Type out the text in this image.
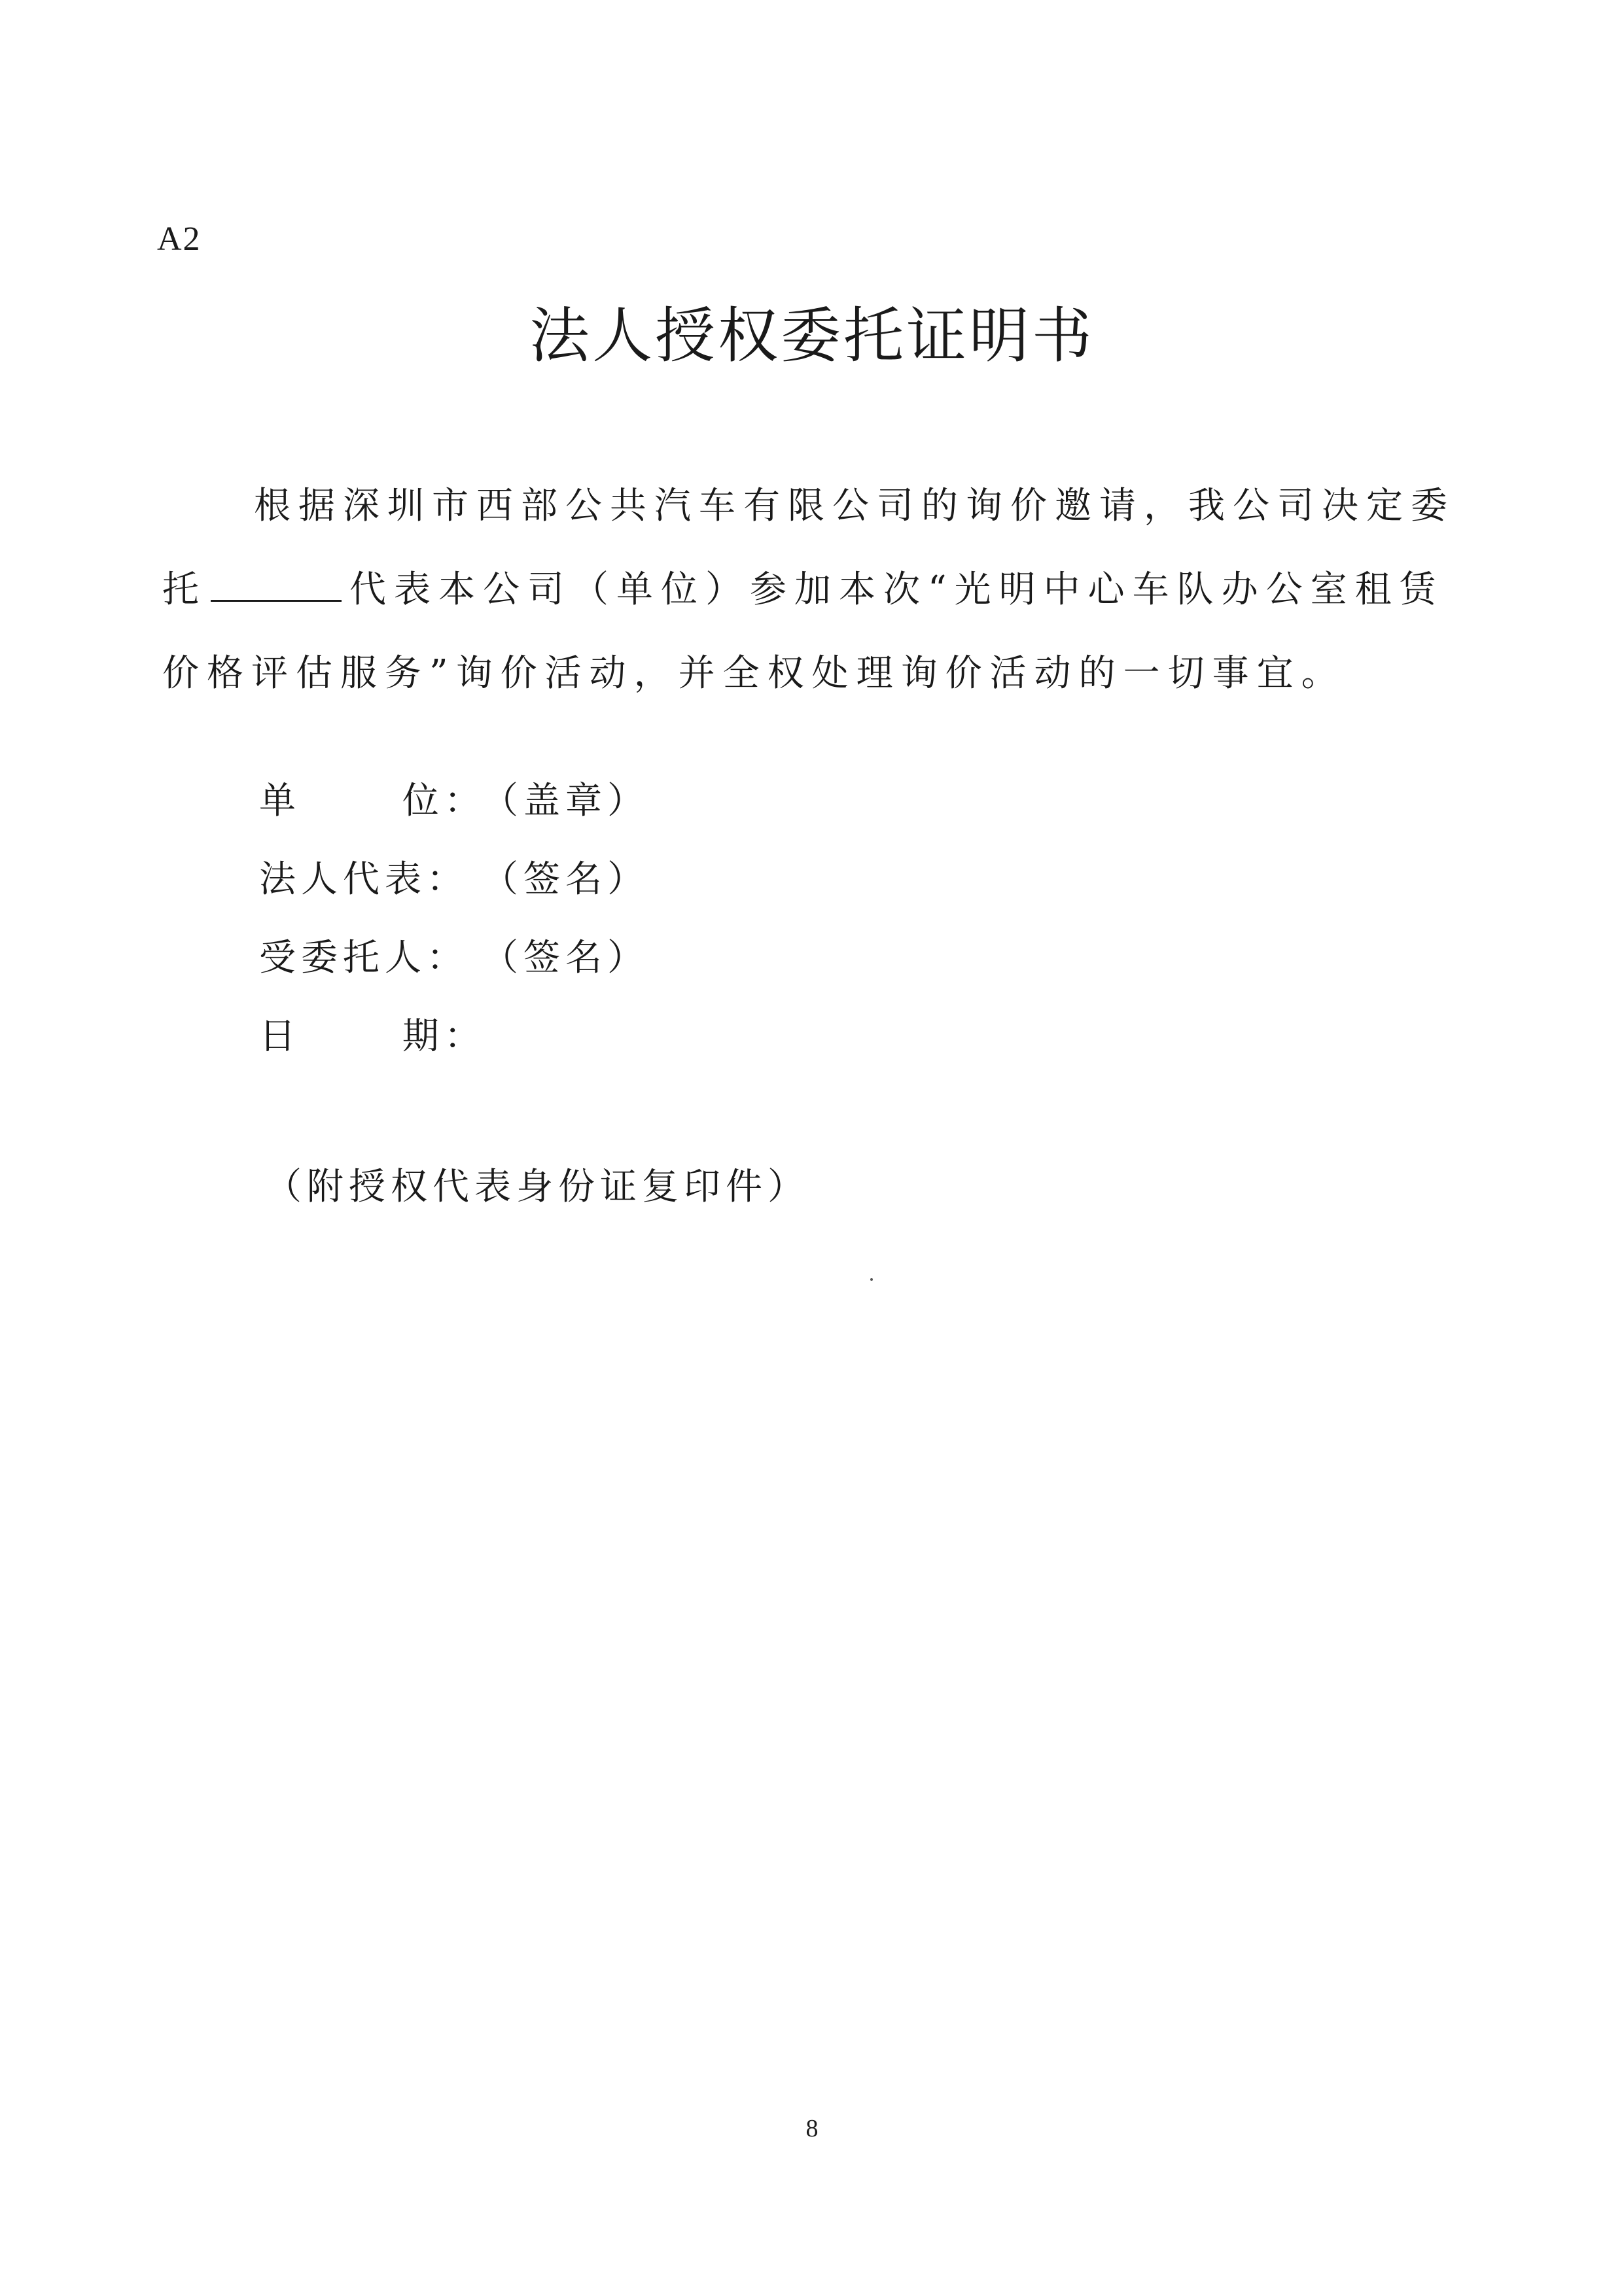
A2
法人授权委托证明书
根据深圳市西部公共汽车有限公司的询价邀请，我公司决定委
托	代表本公司（单位）参加本次“光明中心车队办公室租赁
价格评估服务”询价活动，并全权处理询价活动的一切事宜。
单      位：（盖章）
法人代表： （签名）
受委托人： （签名）
日      期：
（附授权代表身份证复印件）
8
